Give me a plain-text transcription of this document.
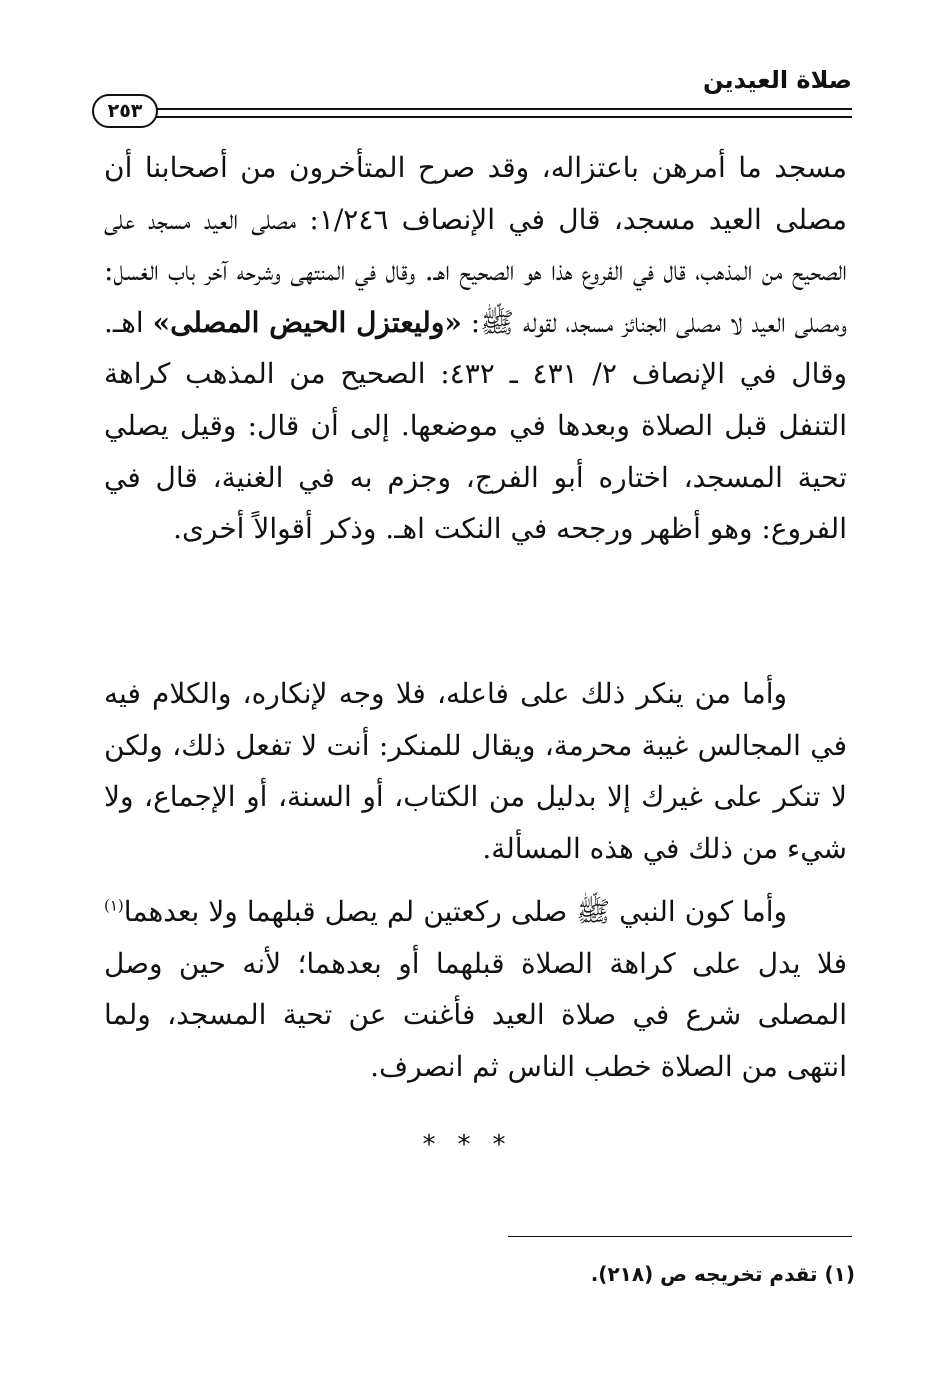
صلاة العيدين
٢٥٣

مسجد ما أمرهن باعتزاله، وقد صرح المتأخرون من أصحابنا أن مصلى العيد مسجد، قال في الإنصاف ١/٢٤٦: مصلى العيد مسجد على الصحيح من المذهب، قال في الفروع هذا هو الصحيح اهـ. وقال في المنتهى وشرحه آخر باب الغسل: ومصلى العيد لا مصلى الجنائز مسجد، لقوله ﷺ: «وليعتزل الحيض المصلى» اهـ. وقال في الإنصاف ٢/ ٤٣١ ـ ٤٣٢: الصحيح من المذهب كراهة التنفل قبل الصلاة وبعدها في موضعها. إلى أن قال: وقيل يصلي تحية المسجد، اختاره أبو الفرج، وجزم به في الغنية، قال في الفروع: وهو أظهر ورجحه في النكت اهـ. وذكر أقوالاً أخرى.

وأما من ينكر ذلك على فاعله، فلا وجه لإنكاره، والكلام فيه في المجالس غيبة محرمة، ويقال للمنكر: أنت لا تفعل ذلك، ولكن لا تنكر على غيرك إلا بدليل من الكتاب، أو السنة، أو الإجماع، ولا شيء من ذلك في هذه المسألة.

وأما كون النبي ﷺ صلى ركعتين لم يصل قبلهما ولا بعدهما$^{(١)}$ فلا يدل على كراهة الصلاة قبلهما أو بعدهما؛ لأنه حين وصل المصلى شرع في صلاة العيد فأغنت عن تحية المسجد، ولما انتهى من الصلاة خطب الناس ثم انصرف.

***
(١) تقدم تخريجه ص (٢١٨).
